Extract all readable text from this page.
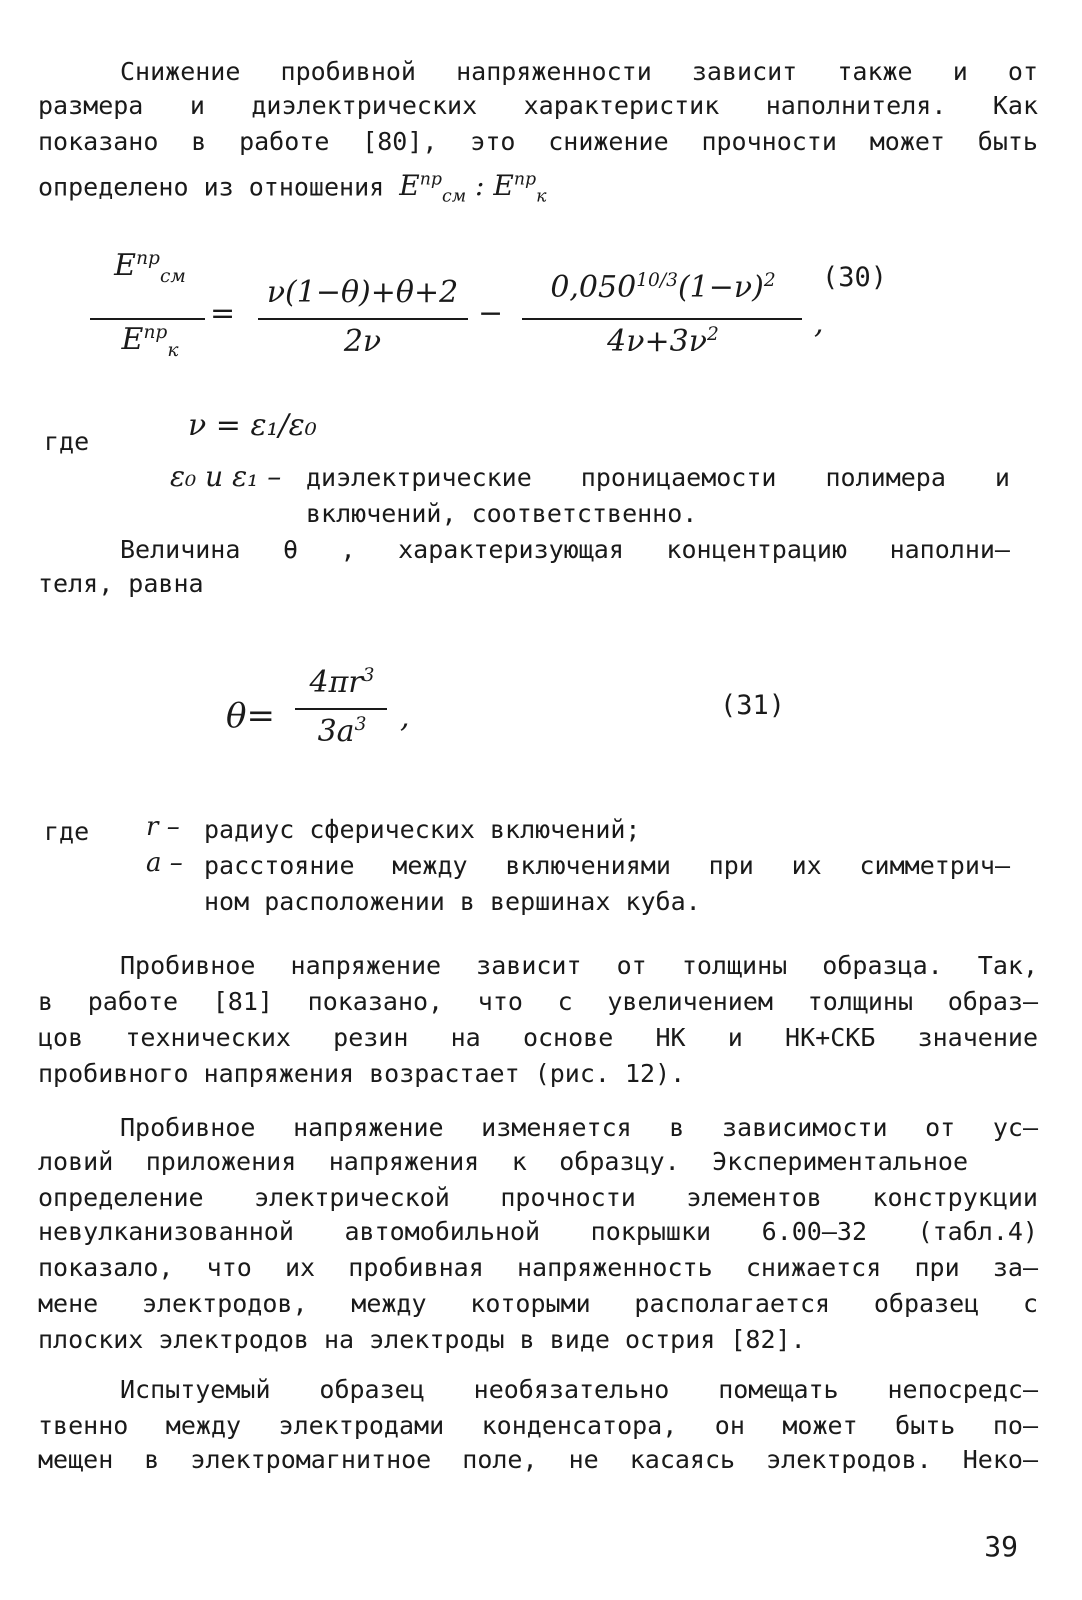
Снижение пробивной напряженности зависит также и от
размера и диэлектрических характеристик наполнителя. Как
показано в работе [80], это снижение прочности может быть
определено из отношения $E^{пр}_{см}$ : $E^{пр}_к$
$E^{пр}_{см}$
$E^{пр}_к$
=
ν(1−θ)+θ+2
2ν
−
$0,050^{10/3}(1-\nu)^2$
$4\nu+3\nu^2$	,
(30)
где	ν = ε₁/ε₀
ε₀ и ε₁ – диэлектрические проницаемости полимера и
включений, соответственно.
Величина θ , характеризующая концентрацию наполни–
теля, равна
θ=
$4\pi r^3$
$3a^3$	,	(31)
где r – радиус сферических включений;
a – расстояние между включениями при их симметрич–
ном расположении в вершинах куба.
Пробивное напряжение зависит от толщины образца. Так,
в работе [81] показано, что с увеличением толщины образ–
цов технических резин на основе НК и НК+СКБ значение
пробивного напряжения возрастает (рис. 12).
Пробивное напряжение изменяется в зависимости от ус–
ловий приложения напряжения к образцу. Экспериментальное
определение электрической прочности элементов конструкции
невулканизованной автомобильной покрышки 6.00–32 (табл.4)
показало, что их пробивная напряженность снижается при за–
мене электродов, между которыми располагается образец с
плоских электродов на электроды в виде острия [82].
Испытуемый образец необязательно помещать непосредс–
твенно между электродами конденсатора, он может быть по–
мещен в электромагнитное поле, не касаясь электродов. Неко–
39
